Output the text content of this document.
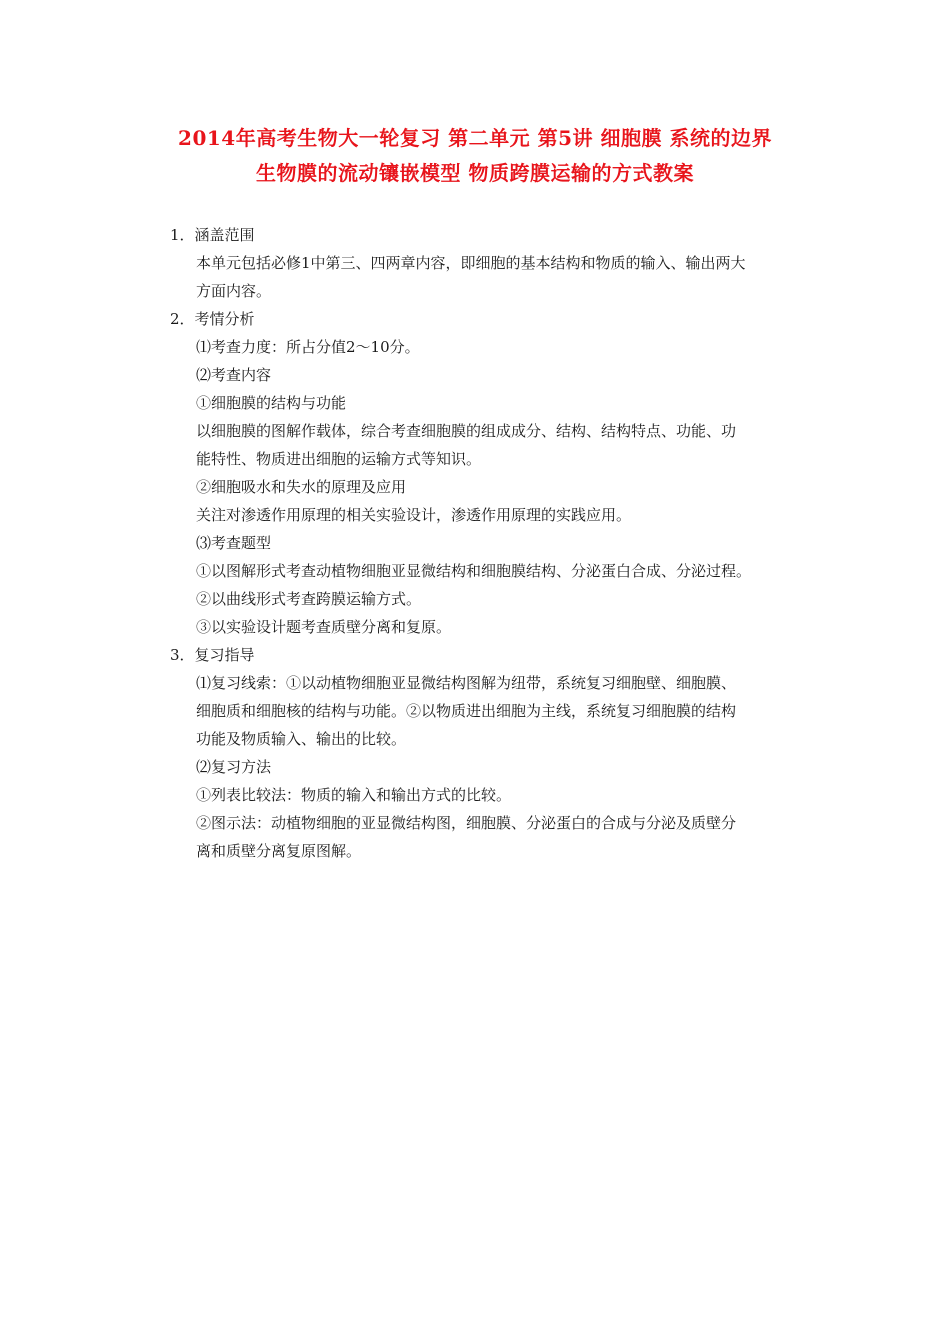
2014年高考生物大一轮复习 第二单元 第5讲 细胞膜 系统的边界
生物膜的流动镶嵌模型 物质跨膜运输的方式教案
1．涵盖范围
本单元包括必修1中第三、四两章内容，即细胞的基本结构和物质的输入、输出两大
方面内容。
2．考情分析
⑴考查力度：所占分值2～10分。
⑵考查内容
①细胞膜的结构与功能
以细胞膜的图解作载体，综合考查细胞膜的组成成分、结构、结构特点、功能、功
能特性、物质进出细胞的运输方式等知识。
②细胞吸水和失水的原理及应用
关注对渗透作用原理的相关实验设计，渗透作用原理的实践应用。
⑶考查题型
①以图解形式考查动植物细胞亚显微结构和细胞膜结构、分泌蛋白合成、分泌过程。
②以曲线形式考查跨膜运输方式。
③以实验设计题考查质壁分离和复原。
3．复习指导
⑴复习线索：①以动植物细胞亚显微结构图解为纽带，系统复习细胞壁、细胞膜、
细胞质和细胞核的结构与功能。②以物质进出细胞为主线，系统复习细胞膜的结构
功能及物质输入、输出的比较。
⑵复习方法
①列表比较法：物质的输入和输出方式的比较。
②图示法：动植物细胞的亚显微结构图，细胞膜、分泌蛋白的合成与分泌及质壁分
离和质壁分离复原图解。
